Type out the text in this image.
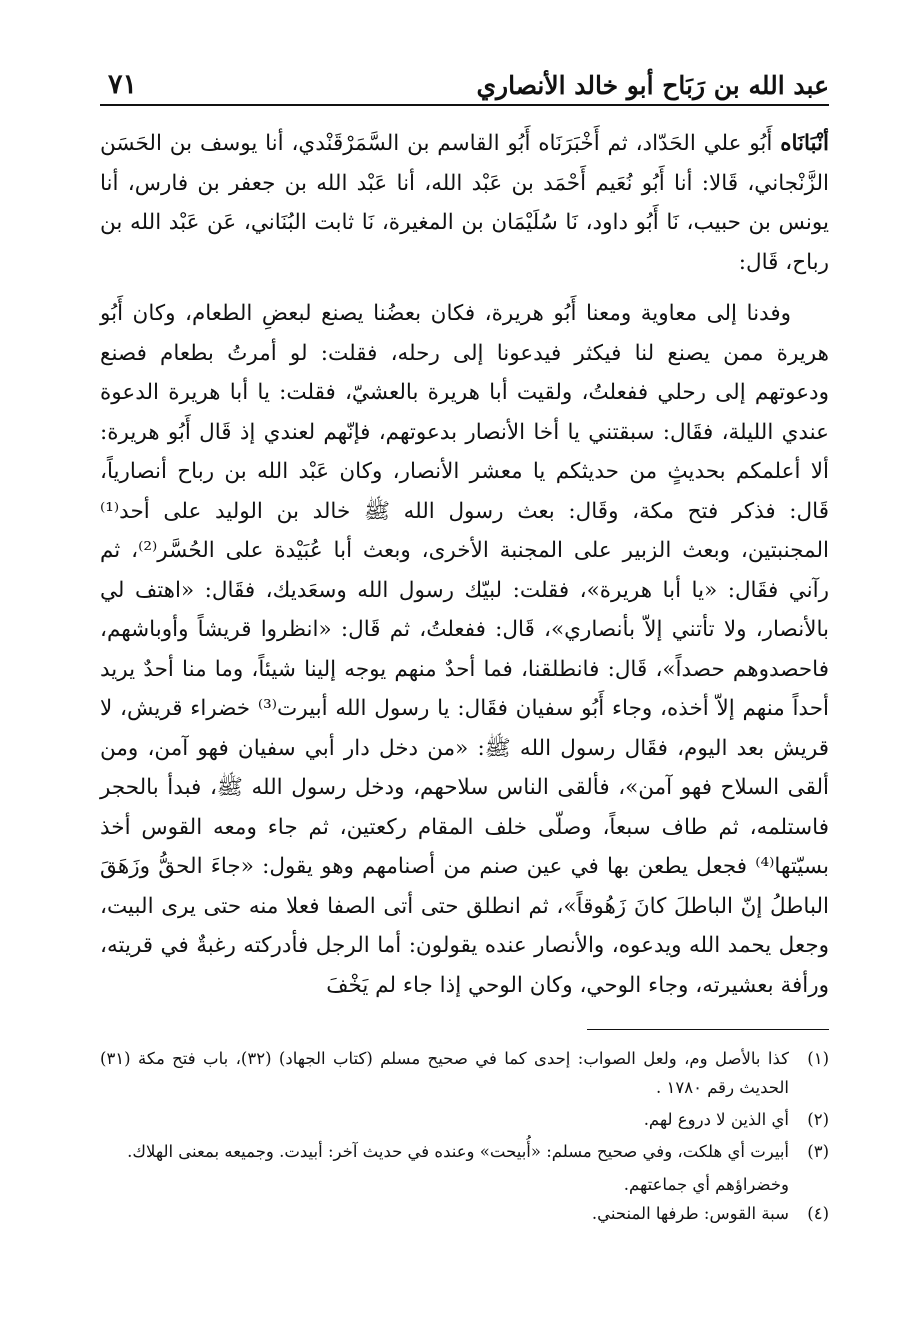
عبد الله بن رَبَاح أبو خالد الأنصاري
٧١

أنْبَانَاه أَبُو علي الحَدّاد، ثم أَخْبَرَنَاه أَبُو القاسم بن السَّمَرْقَنْدي، أنا يوسف بن الحَسَن الزَّنْجاني، قَالا: أنا أَبُو نُعَيم أَحْمَد بن عَبْد الله، أنا عَبْد الله بن جعفر بن فارس، أنا يونس بن حبيب، نَا أَبُو داود، نَا سُلَيْمَان بن المغيرة، نَا ثابت البُنَاني، عَن عَبْد الله بن رباح، قَال:

وفدنا إلى معاوية ومعنا أَبُو هريرة، فكان بعضُنا يصنع لبعضِ الطعام، وكان أَبُو هريرة ممن يصنع لنا فيكثر فيدعونا إلى رحله، فقلت: لو أمرتُ بطعام فصنع ودعوتهم إلى رحلي ففعلتُ، ولقيت أبا هريرة بالعشيّ، فقلت: يا أبا هريرة الدعوة عندي الليلة، فقَال: سبقتني يا أخا الأنصار بدعوتهم، فإنّهم لعندي إذ قَال أَبُو هريرة: ألا أعلمكم بحديثٍ من حديثكم يا معشر الأنصار، وكان عَبْد الله بن رباح أنصارياً، قَال: فذكر فتح مكة، وقَال: بعث رسول الله ﷺ خالد بن الوليد على أحد⁽¹⁾ المجنبتين، وبعث الزبير على المجنبة الأخرى، وبعث أبا عُبَيْدة على الحُسَّر⁽²⁾، ثم رآني فقَال: «يا أبا هريرة»، فقلت: لبيّك رسول الله وسعَديك، فقَال: «اهتف لي بالأنصار، ولا تأتني إلاّ بأنصاري»، قَال: ففعلتُ، ثم قَال: «انظروا قريشاً وأوباشهم، فاحصدوهم حصداً»، قَال: فانطلقنا، فما أحدٌ منهم يوجه إلينا شيئاً، وما منا أحدٌ يريد أحداً منهم إلاّ أخذه، وجاء أَبُو سفيان فقَال: يا رسول الله أبيرت⁽³⁾ خضراء قريش، لا قريش بعد اليوم، فقَال رسول الله ﷺ: «من دخل دار أبي سفيان فهو آمن، ومن ألقى السلاح فهو آمن»، فألقى الناس سلاحهم، ودخل رسول الله ﷺ، فبدأ بالحجر فاستلمه، ثم طاف سبعاً، وصلّى خلف المقام ركعتين، ثم جاء ومعه القوس أخذ بسيّتها⁽⁴⁾ فجعل يطعن بها في عين صنم من أصنامهم وهو يقول: «جاءَ الحقُّ وزَهَقَ الباطلُ إنّ الباطلَ كانَ زَهُوقاً»، ثم انطلق حتى أتى الصفا فعلا منه حتى يرى البيت، وجعل يحمد الله ويدعوه، والأنصار عنده يقولون: أما الرجل فأدركته رغبةٌ في قريته، ورأفة بعشيرته، وجاء الوحي، وكان الوحي إذا جاء لم يَخْفَ

(١)
كذا بالأصل وم، ولعل الصواب: إحدى كما في صحيح مسلم (كتاب الجهاد) (٣٢)، باب فتح مكة (٣١) الحديث رقم ١٧٨٠ .
(٢)
أي الذين لا دروع لهم.
(٣)
أبيرت أي هلكت، وفي صحيح مسلم: «أُبيحت» وعنده في حديث آخر: أبيدت. وجميعه بمعنى الهلاك.
وخضراؤهم أي جماعتهم.
(٤)
سبة القوس: طرفها المنحني.
